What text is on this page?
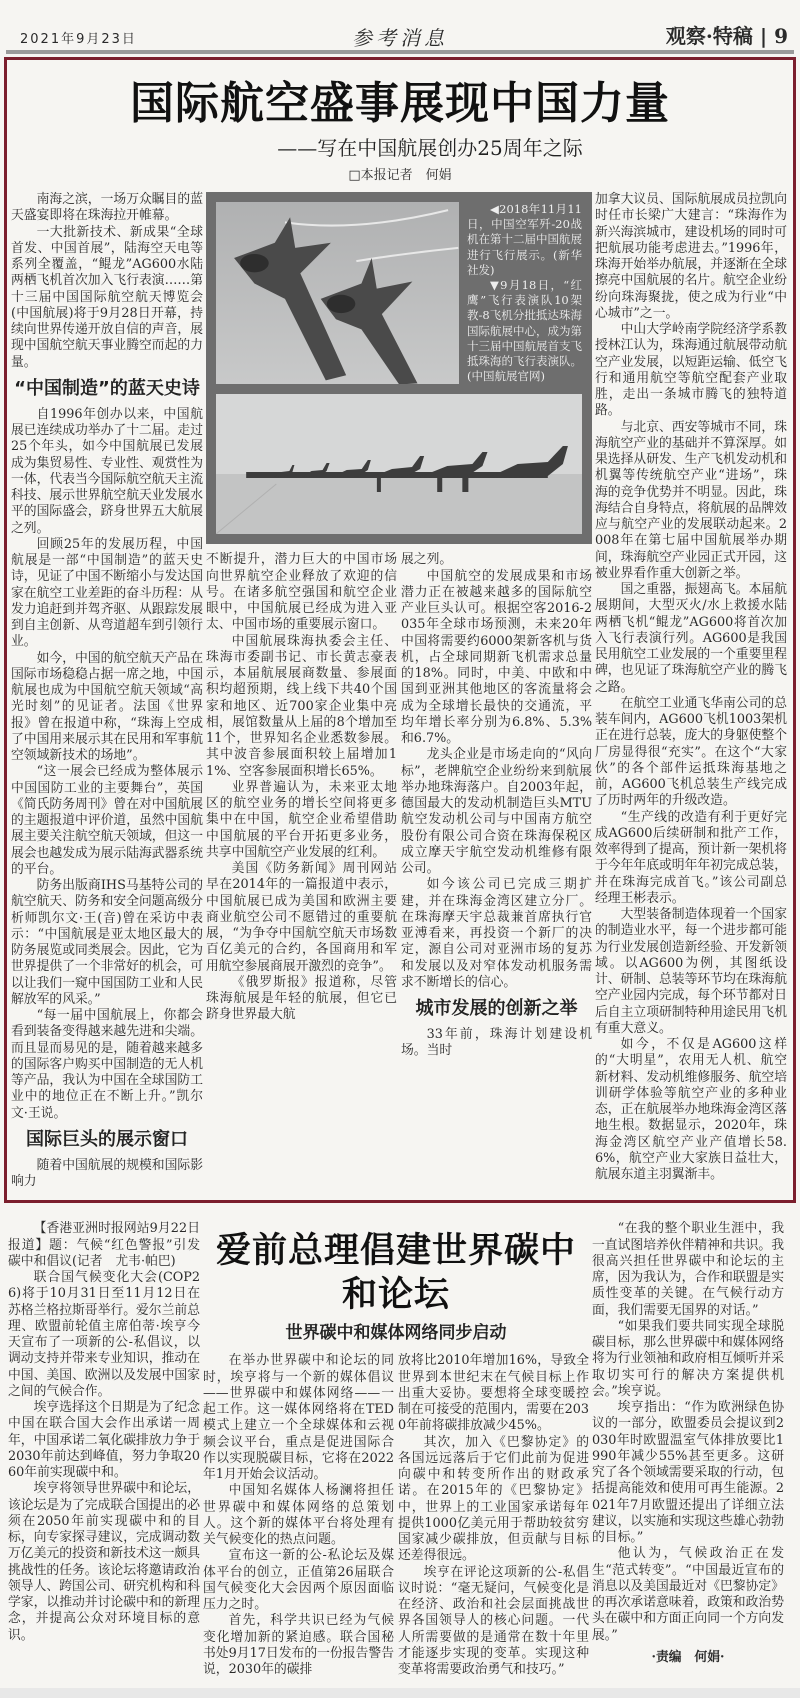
2021年9月23日	参考消息	观察·特稿 | 9
国际航空盛事展现中国力量
——写在中国航展创办25周年之际
□本报记者　何娟

南海之滨，一场万众瞩目的蓝天盛宴即将在珠海拉开帷幕。

一大批新技术、新成果“全球首发、中国首展”，陆海空天电等系列全覆盖，“鲲龙”AG600水陆两栖飞机首次加入飞行表演……第十三届中国国际航空航天博览会(中国航展)将于9月28日开幕，持续向世界传递开放自信的声音，展现中国航空航天事业腾空而起的力量。

“中国制造”的蓝天史诗

自1996年创办以来，中国航展已连续成功举办了十二届。走过25个年头，如今中国航展已发展成为集贸易性、专业性、观赏性为一体，代表当今国际航空航天主流科技、展示世界航空航天业发展水平的国际盛会，跻身世界五大航展之列。

回顾25年的发展历程，中国航展是一部“中国制造”的蓝天史诗，见证了中国不断缩小与发达国家在航空工业差距的奋斗历程：从发力追赶到并驾齐驱、从跟踪发展到自主创新、从弯道超车到引领行业。

如今，中国的航空航天产品在国际市场稳稳占据一席之地，中国航展也成为中国航空航天领域“高光时刻”的见证者。法国《世界报》曾在报道中称，“珠海上空成了中国用来展示其在民用和军事航空领域新技术的场地”。

“这一展会已经成为整体展示中国国防工业的主要舞台”，英国《简氏防务周刊》曾在对中国航展的主题报道中评价道，虽然中国航展主要关注航空航天领域，但这一展会也越发成为展示陆海武器系统的平台。

防务出版商IHS马基特公司的航空航天、防务和安全问题高级分析师凯尔文·王(音)曾在采访中表示：“中国航展是亚太地区最大的防务展览或同类展会。因此，它为世界提供了一个非常好的机会，可以让我们一窥中国国防工业和人民解放军的风采。”

“每一届中国航展上，你都会看到装备变得越来越先进和尖端。而且显而易见的是，随着越来越多的国际客户购买中国制造的无人机等产品，我认为中国在全球国防工业中的地位正在不断上升。”凯尔文·王说。

国际巨头的展示窗口

随着中国航展的规模和国际影响力

◀2018年11月11日，中国空军歼-20战机在第十二届中国航展进行飞行展示。(新华社发)

▼9月18日，“红鹰”飞行表演队10架教-8飞机分批抵达珠海国际航展中心，成为第十三届中国航展首支飞抵珠海的飞行表演队。(中国航展官网)

不断提升，潜力巨大的中国市场向世界航空企业释放了欢迎的信号。在诸多航空强国和航空企业眼中，中国航展已经成为进入亚太、中国市场的重要展示窗口。

中国航展珠海执委会主任、珠海市委副书记、市长黄志豪表示，本届航展展商数量、参展面积均超预期，线上线下共40个国家和地区、近700家企业集中亮相，展馆数量从上届的8个增加至11个，世界知名企业悉数参展。其中波音参展面积较上届增加11%、空客参展面积增长65%。

业界普遍认为，未来亚太地区的航空业务的增长空间将更多集中在中国，航空企业希望借助中国航展的平台开拓更多业务，共享中国航空产业发展的红利。

美国《防务新闻》周刊网站早在2014年的一篇报道中表示，中国航展已成为美国和欧洲主要商业航空公司不愿错过的重要航展，“为争夺中国航空航天市场数百亿美元的合约，各国商用和军用航空参展商展开激烈的竞争”。

《俄罗斯报》报道称，尽管珠海航展是年轻的航展，但它已跻身世界最大航

展之列。

中国航空的发展成果和市场潜力正在被越来越多的国际航空产业巨头认可。根据空客2016-2035年全球市场预测，未来20年中国将需要约6000架新客机与货机，占全球同期新飞机需求总量的18%。同时，中美、中欧和中国到亚洲其他地区的客流量将会成为全球增长最快的交通流，平均年增长率分别为6.8%、5.3%和6.7%。

龙头企业是市场走向的“风向标”，老牌航空企业纷纷来到航展举办地珠海落户。自2003年起，德国最大的发动机制造巨头MTU航空发动机公司与中国南方航空股份有限公司合资在珠海保税区成立摩天宇航空发动机维修有限公司。

如今该公司已完成三期扩建，并在珠海金湾区建立分厂。在珠海摩天宇总裁兼首席执行官亚溥看来，再投资一个新厂的决定，源自公司对亚洲市场的复苏和发展以及对窄体发动机服务需求不断增长的信心。

城市发展的创新之举

33年前，珠海计划建设机场。当时

加拿大议员、国际航展成员拉凯向时任市长梁广大建言：“珠海作为新兴海滨城市，建设机场的同时可把航展功能考虑进去。”1996年，珠海开始举办航展，并逐渐在全球擦亮中国航展的名片。航空企业纷纷向珠海聚拢，使之成为行业“中心城市”之一。

中山大学岭南学院经济学系教授林江认为，珠海通过航展带动航空产业发展，以短距运输、低空飞行和通用航空等航空配套产业取胜，走出一条城市腾飞的独特道路。

与北京、西安等城市不同，珠海航空产业的基础并不算深厚。如果选择从研发、生产飞机发动机和机翼等传统航空产业“进场”，珠海的竞争优势并不明显。因此，珠海结合自身特点，将航展的品牌效应与航空产业的发展联动起来。2008年在第七届中国航展举办期间，珠海航空产业园正式开园，这被业界看作重大创新之举。

国之重器，振翅高飞。本届航展期间，大型灭火/水上救援水陆两栖飞机“鲲龙”AG600将首次加入飞行表演行列。AG600是我国民用航空工业发展的一个重要里程碑，也见证了珠海航空产业的腾飞之路。

在航空工业通飞华南公司的总装车间内，AG600飞机1003架机正在进行总装，庞大的身躯使整个厂房显得很“充实”。在这个“大家伙”的各个部件运抵珠海基地之前，AG600飞机总装生产线完成了历时两年的升级改造。

“生产线的改造有利于更好完成AG600后续研制和批产工作，效率得到了提高，预计新一架机将于今年年底或明年年初完成总装，并在珠海完成首飞。”该公司副总经理王彬表示。

大型装备制造体现着一个国家的制造业水平，每一个进步都可能为行业发展创造新经验、开发新领域。以AG600为例，其图纸设计、研制、总装等环节均在珠海航空产业园内完成，每个环节都对日后自主立项研制特种用途民用飞机有重大意义。

如今，不仅是AG600这样的“大明星”，农用无人机、航空新材料、发动机维修服务、航空培训研学体验等航空产业的多种业态，正在航展举办地珠海金湾区落地生根。数据显示，2020年，珠海金湾区航空产业产值增长58.6%，航空产业大家族日益壮大，航展东道主羽翼渐丰。

【香港亚洲时报网站9月22日报道】题：气候“红色警报”引发碳中和倡议(记者　尤韦·帕巴)

联合国气候变化大会(COP26)将于10月31日至11月12日在苏格兰格拉斯哥举行。爱尔兰前总理、欧盟前轮值主席伯蒂·埃亨今天宣布了一项新的公-私倡议，以调动支持并带来专业知识，推动在中国、美国、欧洲以及发展中国家之间的气候合作。

埃亨选择这个日期是为了纪念中国在联合国大会作出承诺一周年，中国承诺二氧化碳排放力争于2030年前达到峰值，努力争取2060年前实现碳中和。

埃亨将领导世界碳中和论坛，该论坛是为了完成联合国提出的必须在2050年前实现碳中和的目标，向专家探寻建议，完成调动数万亿美元的投资和新技术这一颇具挑战性的任务。该论坛将邀请政治领导人、跨国公司、研究机构和科学家，以推动并讨论碳中和的新理念，并提高公众对环境目标的意识。

爱前总理倡建世界碳中和论坛
世界碳中和媒体网络同步启动

在举办世界碳中和论坛的同时，埃亨将与一个新的媒体倡议——世界碳中和媒体网络——一起工作。这一媒体网络将在TED模式上建立一个全球媒体和云视频会议平台，重点是促进国际合作以实现脱碳目标，它将在2022年1月开始会议活动。

中国知名媒体人杨澜将担任世界碳中和媒体网络的总策划人。这个新的媒体平台将处理有关气候变化的热点问题。

宣布这一新的公-私论坛及媒体平台的创立，正值第26届联合国气候变化大会因两个原因面临压力之时。

首先，科学共识已经为气候变化增加新的紧迫感。联合国秘书处9月17日发布的一份报告警告说，2030年的碳排

放将比2010年增加16%，导致全世界到本世纪末在气候目标上作出重大妥协。要想将全球变暖控制在可接受的范围内，需要在2030年前将碳排放减少45%。

其次，加入《巴黎协定》的各国远远落后于它们此前为促进向碳中和转变所作出的财政承诺。在2015年的《巴黎协定》中，世界上的工业国家承诺每年提供1000亿美元用于帮助较贫穷国家减少碳排放，但贡献与目标还差得很远。

埃亨在评论这项新的公-私倡议时说：“毫无疑问，气候变化是在经济、政治和社会层面挑战世界各国领导人的核心问题。一代人所需要做的是通常在数十年里才能逐步实现的变革。实现这种变革将需要政治勇气和技巧。”

“在我的整个职业生涯中，我一直试图培养伙伴精神和共识。我很高兴担任世界碳中和论坛的主席，因为我认为，合作和联盟是实质性变革的关键。在气候行动方面，我们需要无国界的对话。”

“如果我们要共同实现全球脱碳目标，那么世界碳中和媒体网络将为行业领袖和政府相互倾听并采取切实可行的解决方案提供机会。”埃亨说。

埃亨指出：“作为欧洲绿色协议的一部分，欧盟委员会提议到2030年时欧盟温室气体排放要比1990年减少55%甚至更多。这研究了各个领域需要采取的行动，包括提高能效和使用可再生能源。2021年7月欧盟还提出了详细立法建议，以实施和实现这些雄心勃勃的目标。”

他认为，气候政治正在发生“范式转变”。“中国最近宣布的消息以及美国最近对《巴黎协定》的再次承诺意味着，政策和政治势头在碳中和方面正向同一个方向发展。”

·责编　何娟·
